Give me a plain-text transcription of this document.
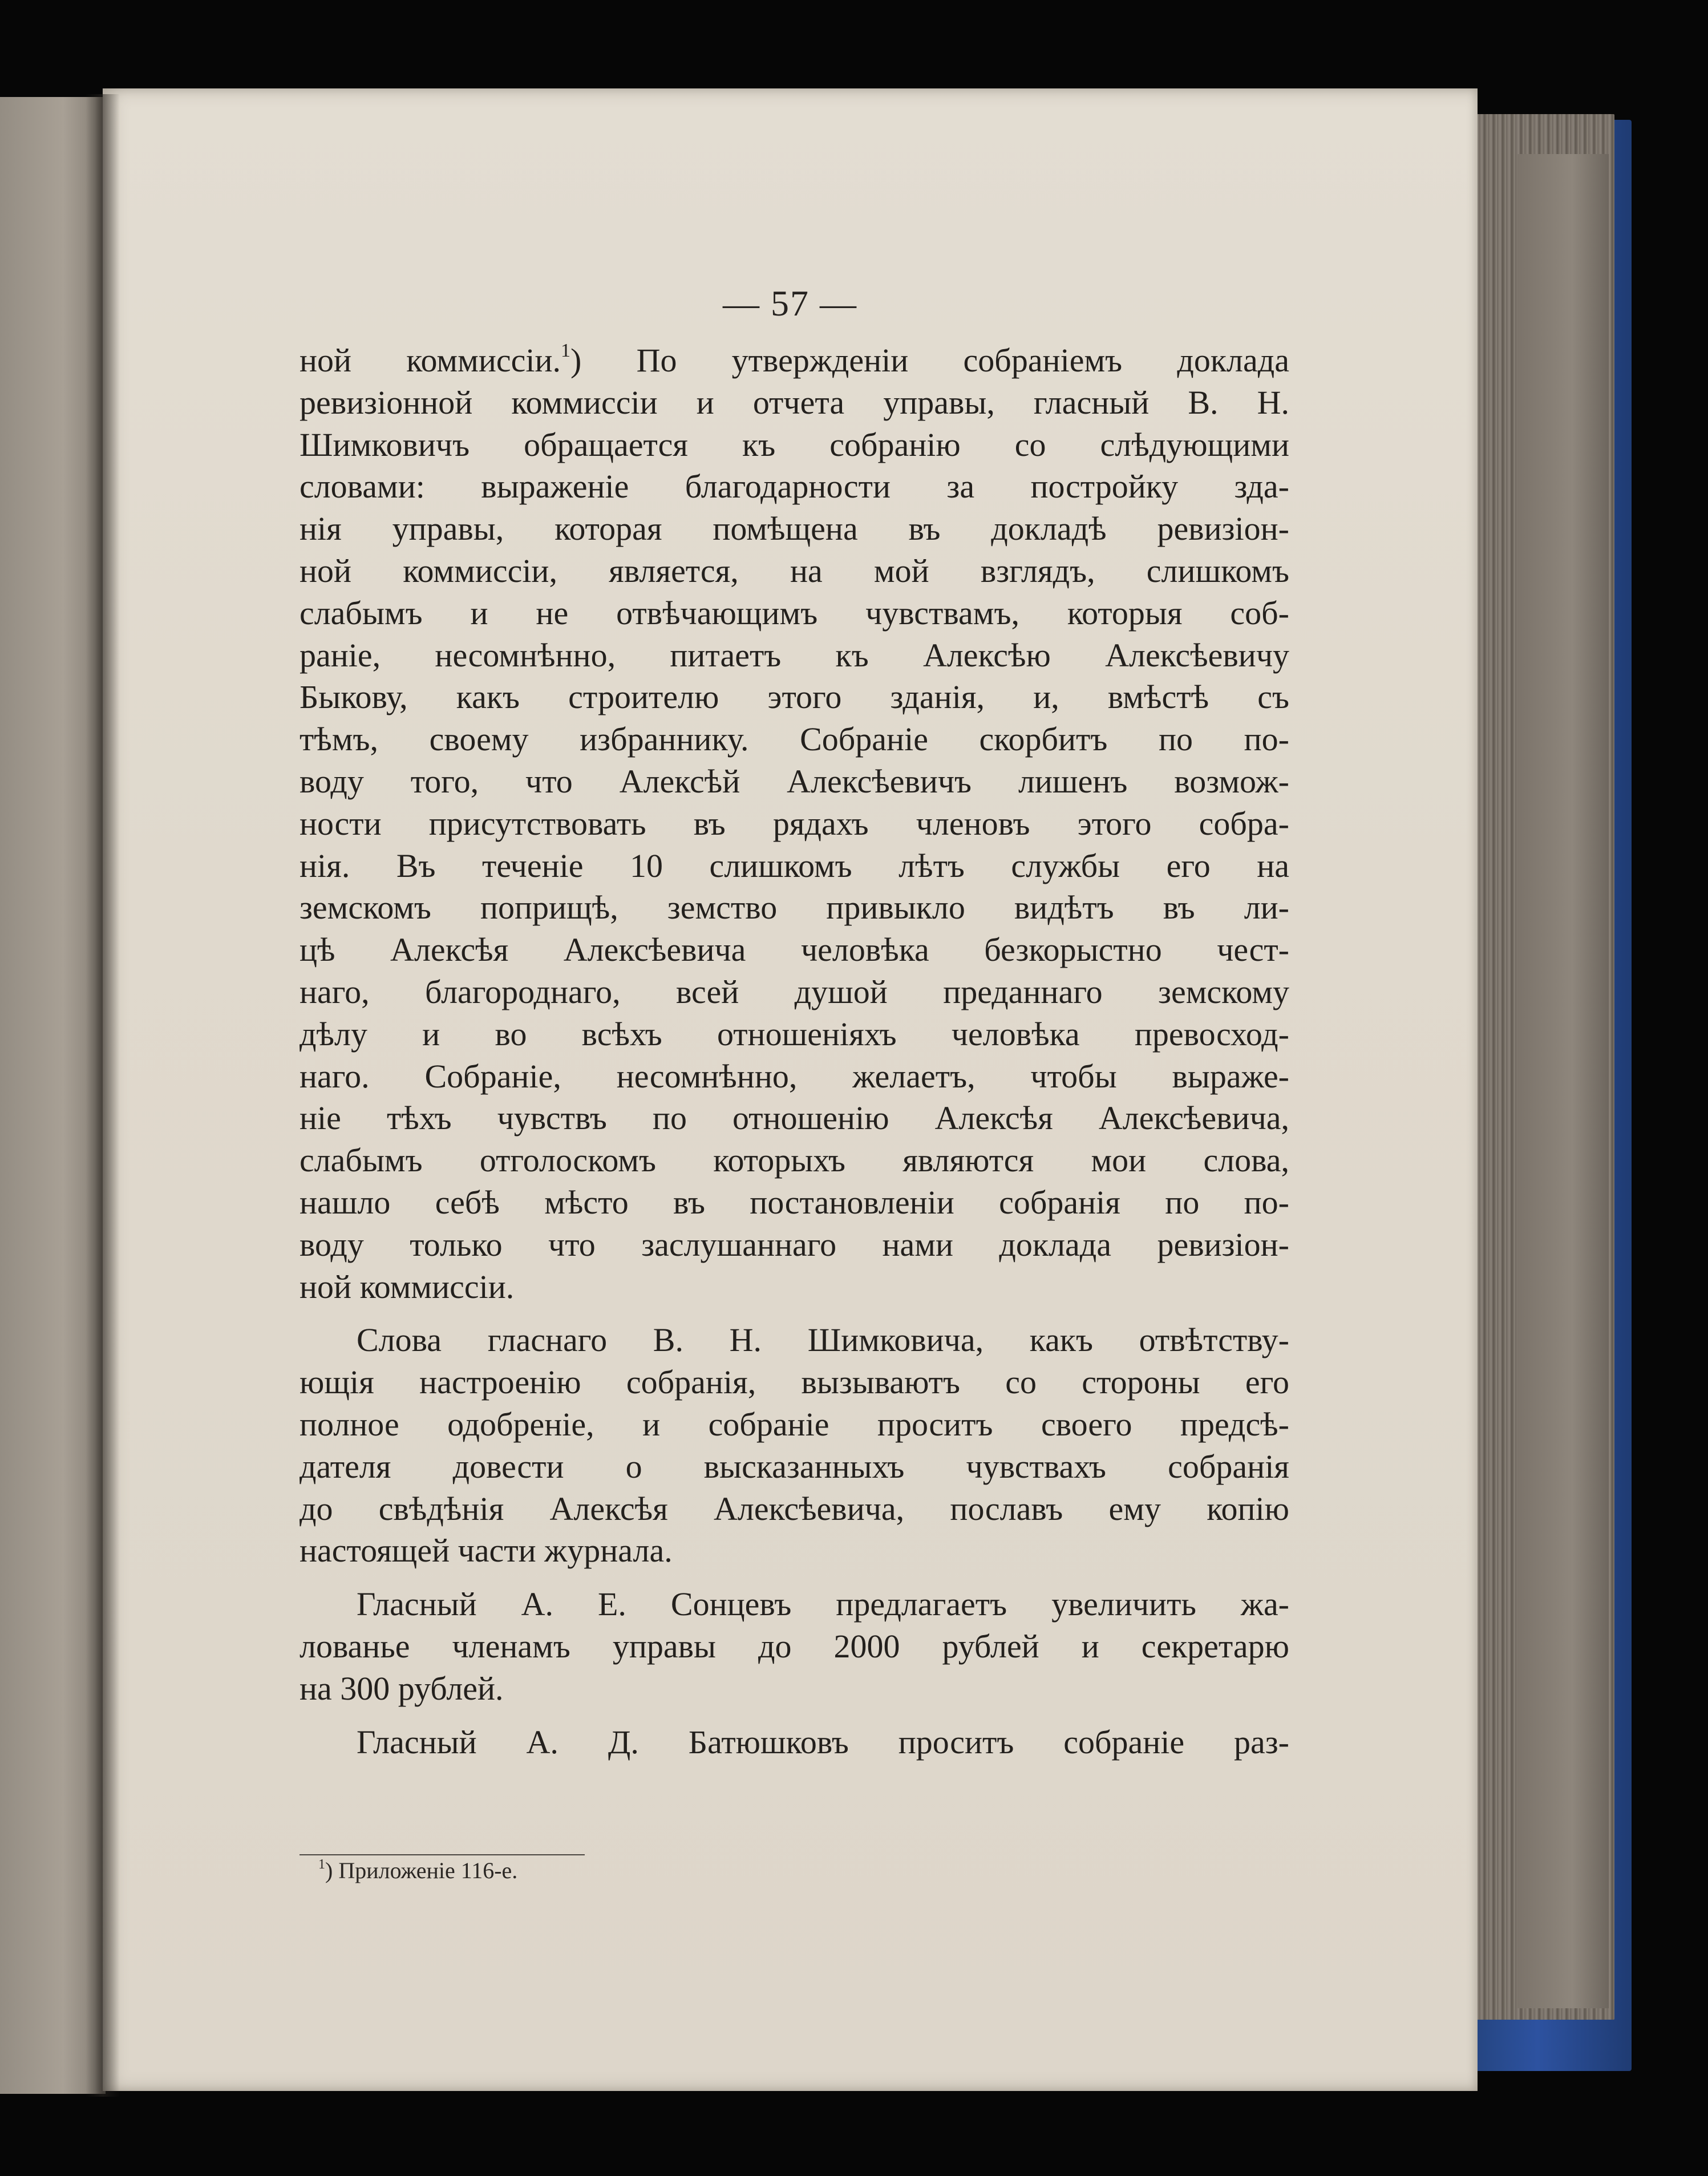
— 57 —
ной коммиссiи.$^1$) По утвержденiи собранiемъ доклада
ревизiонной коммиссiи и отчета управы, гласный В. Н.
Шимковичъ обращается къ собранiю со слѣдующими
словами: выраженiе благодарности за постройку зда-
нiя управы, которая помѣщена въ докладѣ ревизiон-
ной коммиссiи, является, на мой взглядъ, слишкомъ
слабымъ и не отвѣчающимъ чувствамъ, которыя соб-
ранiе, несомнѣнно, питаетъ къ Алексѣю Алексѣевичу
Быкову, какъ строителю этого зданiя, и, вмѣстѣ съ
тѣмъ, своему избраннику. Собранiе скорбитъ по по-
воду того, что Алексѣй Алексѣевичъ лишенъ возмож-
ности присутствовать въ рядахъ членовъ этого собра-
нiя. Въ теченiе 10 слишкомъ лѣтъ службы его на
земскомъ поприщѣ, земство привыкло видѣтъ въ ли-
цѣ Алексѣя Алексѣевича человѣка безкорыстно чест-
наго, благороднаго, всей душой преданнаго земскому
дѣлу и во всѣхъ отношенiяхъ человѣка превосход-
наго. Собранiе, несомнѣнно, желаетъ, чтобы выраже-
нiе тѣхъ чувствъ по отношенiю Алексѣя Алексѣевича,
слабымъ отголоскомъ которыхъ являются мои слова,
нашло себѣ мѣсто въ постановленiи собранiя по по-
воду только что заслушаннаго нами доклада ревизiон-
ной коммиссiи.
Слова гласнаго В. Н. Шимковича, какъ отвѣтству-
ющiя настроенiю собранiя, вызываютъ со стороны его
полное одобренiе, и собранiе проситъ своего предсѣ-
дателя довести о высказанныхъ чувствахъ собранiя
до свѣдѣнiя Алексѣя Алексѣевича, пославъ ему копiю
настоящей части журнала.
Гласный А. Е. Сонцевъ предлагаетъ увеличить жа-
лованье членамъ управы до 2000 рублей и секретарю
на 300 рублей.
Гласный А. Д. Батюшковъ проситъ собранiе раз-
$^1$) Приложенiе 116-е.
